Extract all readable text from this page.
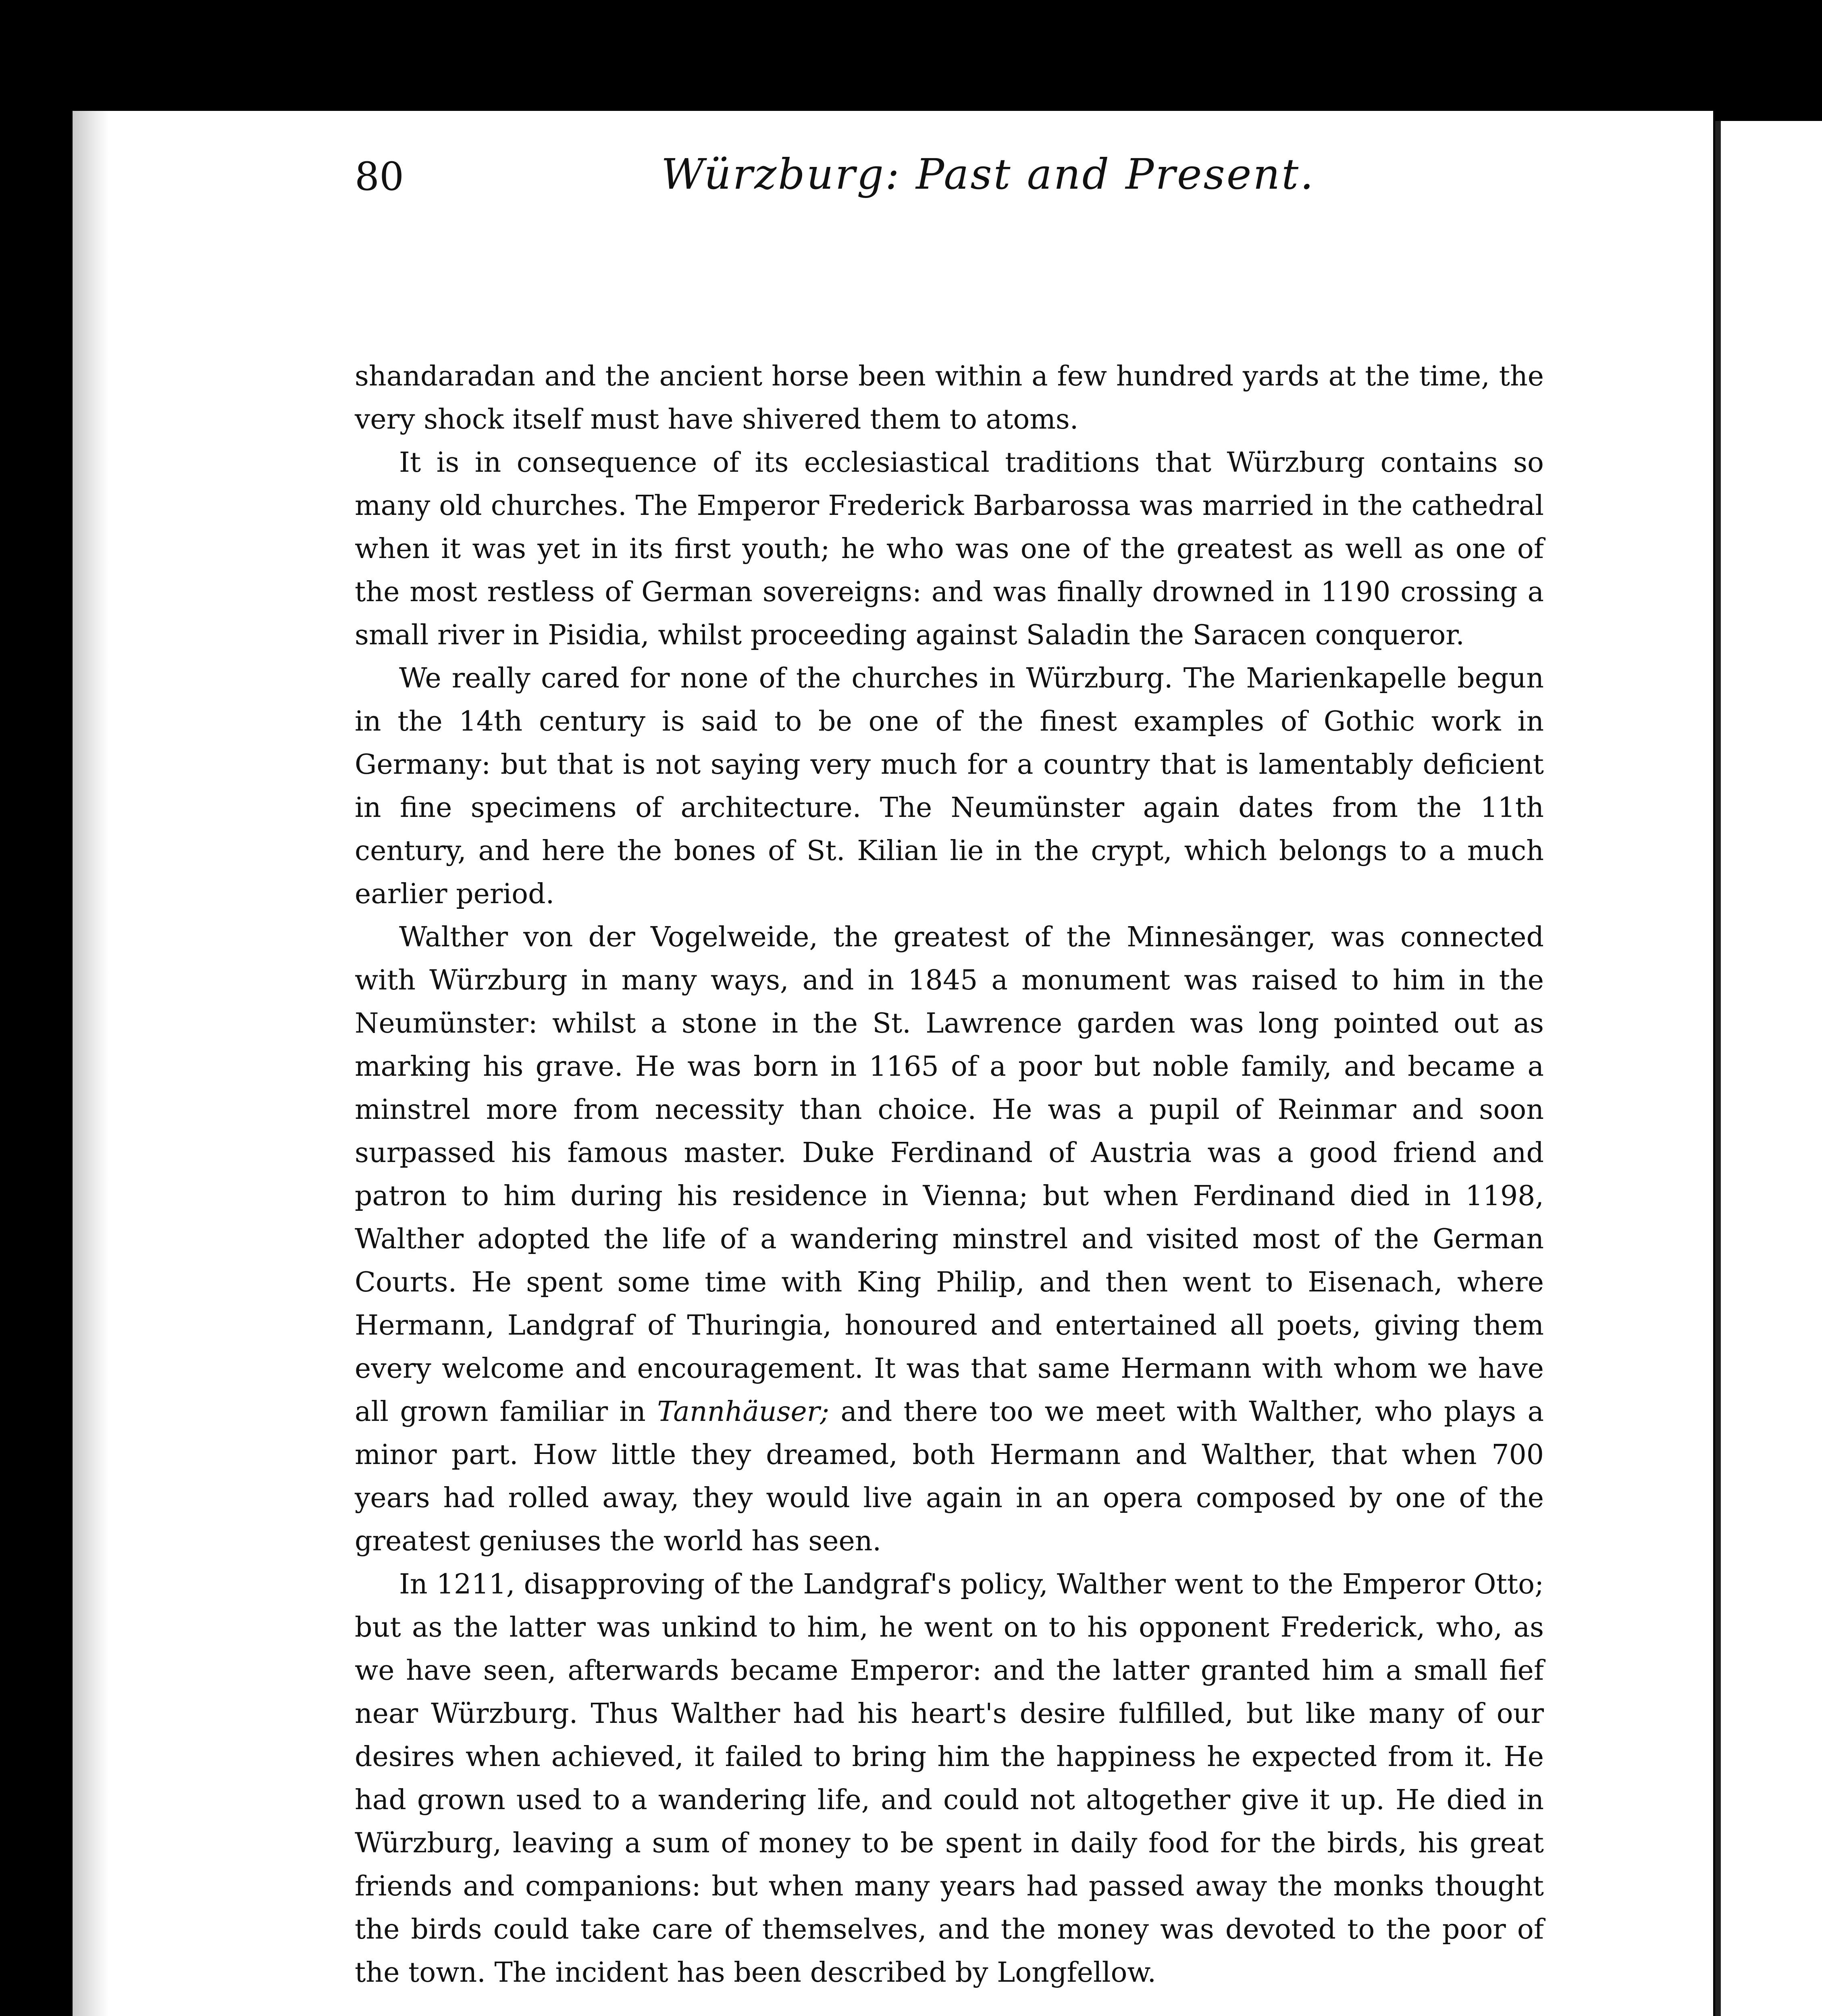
80	Würzburg: Past and Present.

shandaradan and the ancient horse been within a few hundred yards at the time, the very shock itself must have shivered them to atoms.

It is in consequence of its ecclesiastical traditions that Würzburg contains so many old churches. The Emperor Frederick Barbarossa was married in the cathedral when it was yet in its first youth; he who was one of the greatest as well as one of the most restless of German sovereigns: and was finally drowned in 1190 crossing a small river in Pisidia, whilst proceeding against Saladin the Saracen conqueror.

We really cared for none of the churches in Würzburg. The Marienkapelle begun in the 14th century is said to be one of the finest examples of Gothic work in Germany: but that is not saying very much for a country that is lamentably deficient in fine specimens of architecture. The Neumünster again dates from the 11th century, and here the bones of St. Kilian lie in the crypt, which belongs to a much earlier period.

Walther von der Vogelweide, the greatest of the Minnesänger, was connected with Würzburg in many ways, and in 1845 a monument was raised to him in the Neumünster: whilst a stone in the St. Lawrence garden was long pointed out as marking his grave. He was born in 1165 of a poor but noble family, and became a minstrel more from necessity than choice. He was a pupil of Reinmar and soon surpassed his famous master. Duke Ferdinand of Austria was a good friend and patron to him during his residence in Vienna; but when Ferdinand died in 1198, Walther adopted the life of a wandering minstrel and visited most of the German Courts. He spent some time with King Philip, and then went to Eisenach, where Hermann, Landgraf of Thuringia, honoured and entertained all poets, giving them every welcome and encouragement. It was that same Hermann with whom we have all grown familiar in Tannhäuser; and there too we meet with Walther, who plays a minor part. How little they dreamed, both Hermann and Walther, that when 700 years had rolled away, they would live again in an opera composed by one of the greatest geniuses the world has seen.

In 1211, disapproving of the Landgraf's policy, Walther went to the Emperor Otto; but as the latter was unkind to him, he went on to his opponent Frederick, who, as we have seen, afterwards became Emperor: and the latter granted him a small fief near Würzburg. Thus Walther had his heart's desire fulfilled, but like many of our desires when achieved, it failed to bring him the happiness he expected from it. He had grown used to a wandering life, and could not altogether give it up. He died in Würzburg, leaving a sum of money to be spent in daily food for the birds, his great friends and companions: but when many years had passed away the monks thought the birds could take care of themselves, and the money was devoted to the poor of the town. The incident has been described by Longfellow.
